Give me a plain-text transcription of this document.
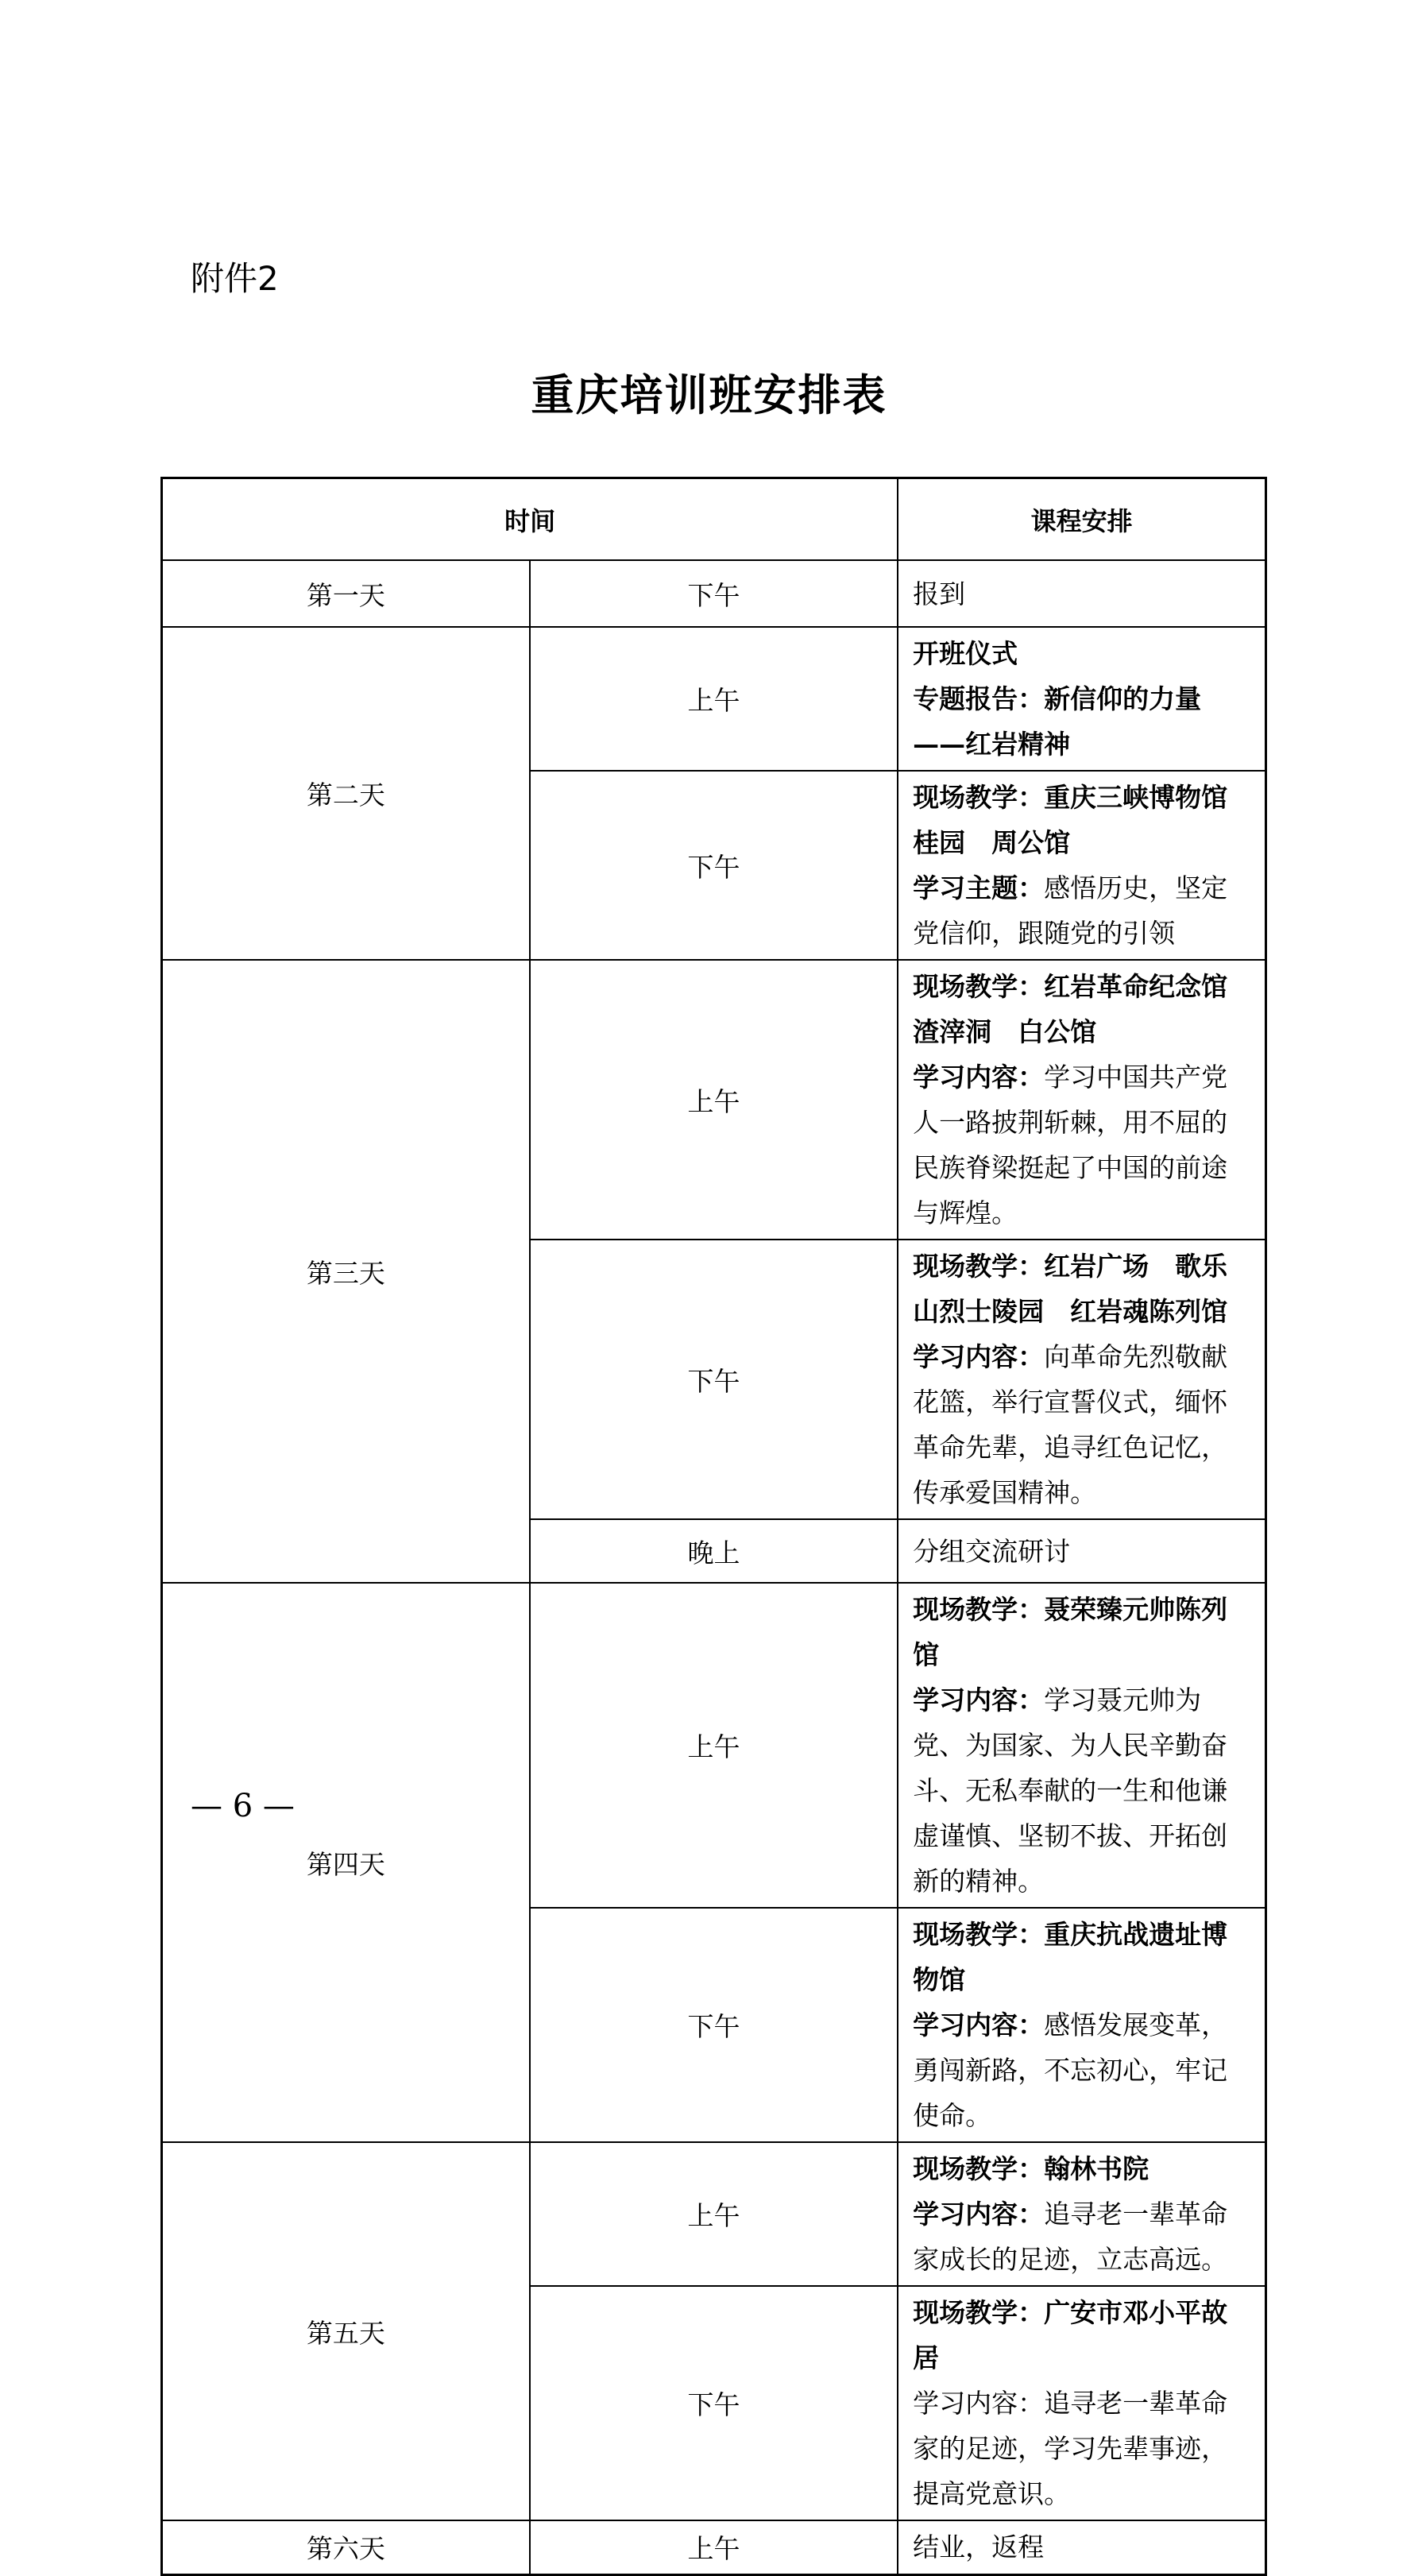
附件2
重庆培训班安排表
时间		课程安排
第一天	下午	报到

第二天	上午	开班仪式
专题报告：新信仰的力量——红岩精神

	下午	现场教学：重庆三峡博物馆　桂园　周公馆
学习主题：感悟历史，坚定党信仰，跟随党的引领

第三天	上午	现场教学：红岩革命纪念馆　渣滓洞　白公馆
学习内容：学习中国共产党人一路披荆斩棘，用不屈的民族脊梁挺起了中国的前途与辉煌。

	下午	现场教学：红岩广场　歌乐山烈士陵园　红岩魂陈列馆
学习内容：向革命先烈敬献花篮，举行宣誓仪式，缅怀革命先辈，追寻红色记忆，传承爱国精神。

	晚上	分组交流研讨

第四天	上午	现场教学：聂荣臻元帅陈列馆
学习内容：学习聂元帅为党、为国家、为人民辛勤奋斗、无私奉献的一生和他谦虚谨慎、坚韧不拔、开拓创新的精神。

	下午	现场教学：重庆抗战遗址博物馆
学习内容：感悟发展变革，勇闯新路，不忘初心，牢记使命。

第五天	上午	现场教学：翰林书院
学习内容：追寻老一辈革命家成长的足迹，立志高远。

	下午	现场教学：广安市邓小平故居
学习内容：追寻老一辈革命家的足迹，学习先辈事迹，提高党意识。

第六天	上午	结业，返程
— 6 —
